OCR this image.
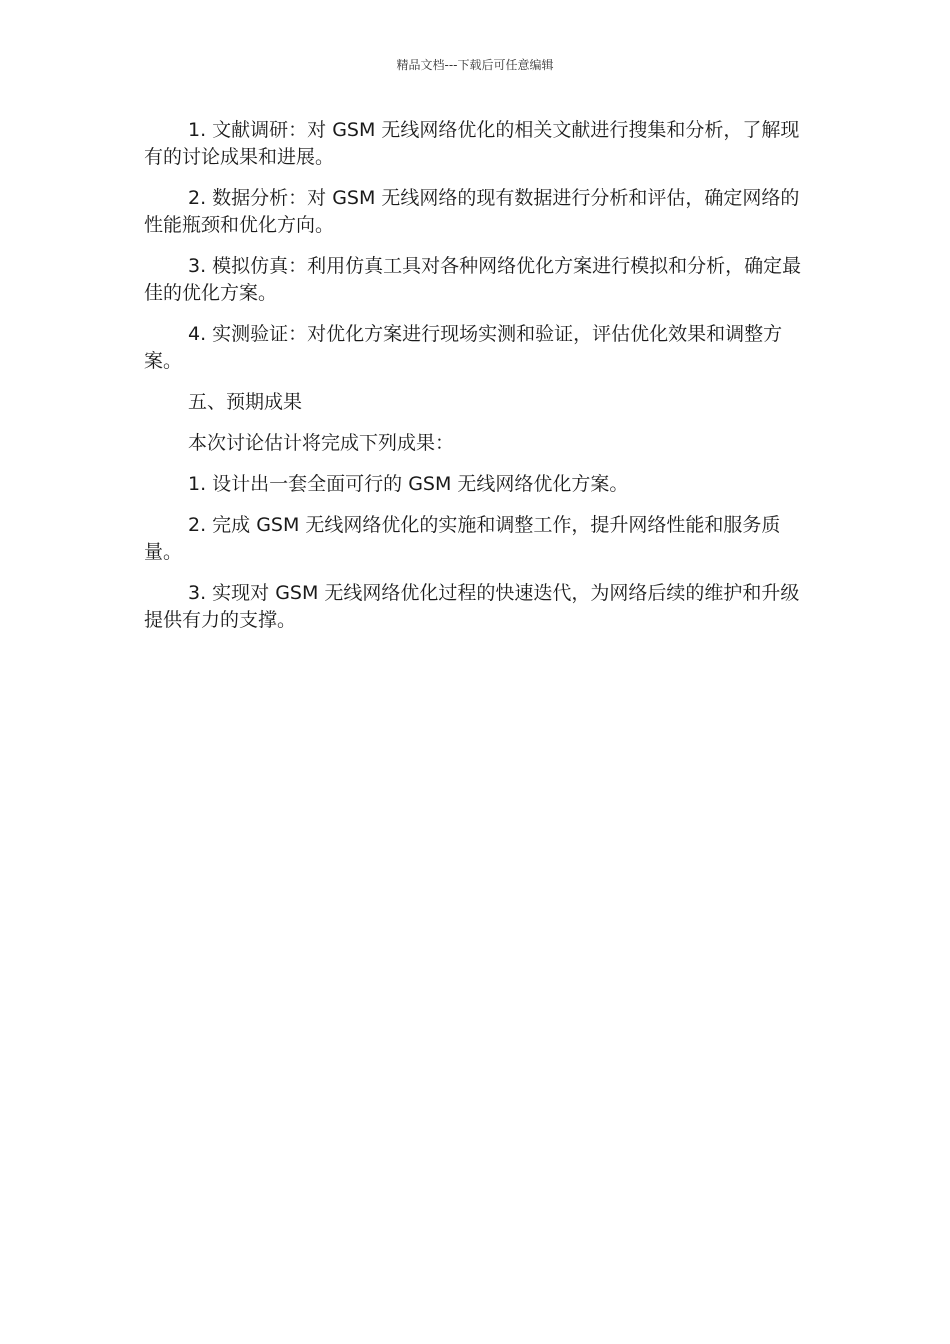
精品文档---下载后可任意编辑

1. 文献调研：对 GSM 无线网络优化的相关文献进行搜集和分析，了解现有的讨论成果和进展。

2. 数据分析：对 GSM 无线网络的现有数据进行分析和评估，确定网络的性能瓶颈和优化方向。

3. 模拟仿真：利用仿真工具对各种网络优化方案进行模拟和分析，确定最佳的优化方案。

4. 实测验证：对优化方案进行现场实测和验证，评估优化效果和调整方案。

五、预期成果

本次讨论估计将完成下列成果：

1. 设计出一套全面可行的 GSM 无线网络优化方案。

2. 完成 GSM 无线网络优化的实施和调整工作，提升网络性能和服务质量。

3. 实现对 GSM 无线网络优化过程的快速迭代，为网络后续的维护和升级提供有力的支撑。
